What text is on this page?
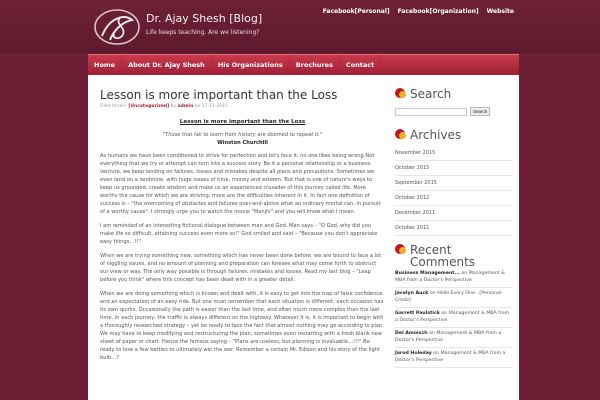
Dr. Ajay Shesh [Blog]
Life keeps teaching. Are we listening?
Facebook[Personal] Facebook[Organization] Website
Home	About Dr. Ajay Shesh	His Organizations	Brochures	Contact
Lesson is more important than the Loss
Filed Under: [Uncategorized] by admin on 17-11-2015
Lesson is more important than the Loss
"Those that fail to learn from history are doomed to repeat it."
Winston Churchill

As humans we have been conditioned to strive for perfection and let's face it, no one likes being wrong.Not everything that we try or attempt can turn into a success story. Be it a personal relationship or a business venture, we keep landing on failures, losses and mistakes despite all plans and precautions. Sometimes we even land on a landmine, with huge losses of time, money and esteem. But that is one of nature's ways to keep us grounded, create wisdom and make us an experienced crusader of this journey called life. More worthy the cause for which we are striving, more are the difficulties inherent in it. In fact one definition of success is – "the overcoming of obstacles and failures over-and-above what an ordinary mortal can, in pursuit of a worthy cause". I strongly urge you to watch the movie "Manjhi" and you will know what I mean.

I am reminded of an interesting fictional dialogue between man and God. Man says – "O God, why did you make life so difficult, attaining success even more so!" God smiled and said – "Because you don't appreciate easy things…!!"

When we are trying something new, something which has never been done before, we are bound to face a lot of niggling issues, and no amount of planning and preparation can foresee what may come forth to obstruct our view or way. The only way possible is through failures, mistakes and losses. Read my last blog – "Leap before you think" where this concept has been dealt with in a greater detail.

When we are doing something which is known and dealt with, it is easy to get into the trap of false confidence and an expectation of an easy ride. But one must remember that each situation is different, each occasion has its own quirks. Occasionally the path is easier than the last time, and often much more complex than the last time. In each journey, the traffic is always different on the highway. Whatever it is, it is important to begin with a thoroughly researched strategy – yet be ready to face the fact that almost nothing may go according to plan. We may have to keep modifying and restructuring the plan, sometimes even restarting with a fresh blank new sheet of paper or chart. Hence the famous saying – "Plans are useless, but planning is invaluable…!!!" Be ready to lose a few battles to ultimately win the war. Remember a certain Mr. Edison and his story of the light bulb…?

Search
Search
Archives
November 2015
October 2015
September 2015
October 2012
December 2011
October 2011
Recent
Comments
Business Management... on Management & MBA from a Doctor's Perspective
Jacelyn Auck on Hello Every One...[Personal-Credo]
Garrett Paulstick on Management & MBA from a Doctor's Perspective
Del Amoisch on Management & MBA from a Doctor's Perspective
Jarod Holeday on Management & MBA from a Doctor's Perspective
